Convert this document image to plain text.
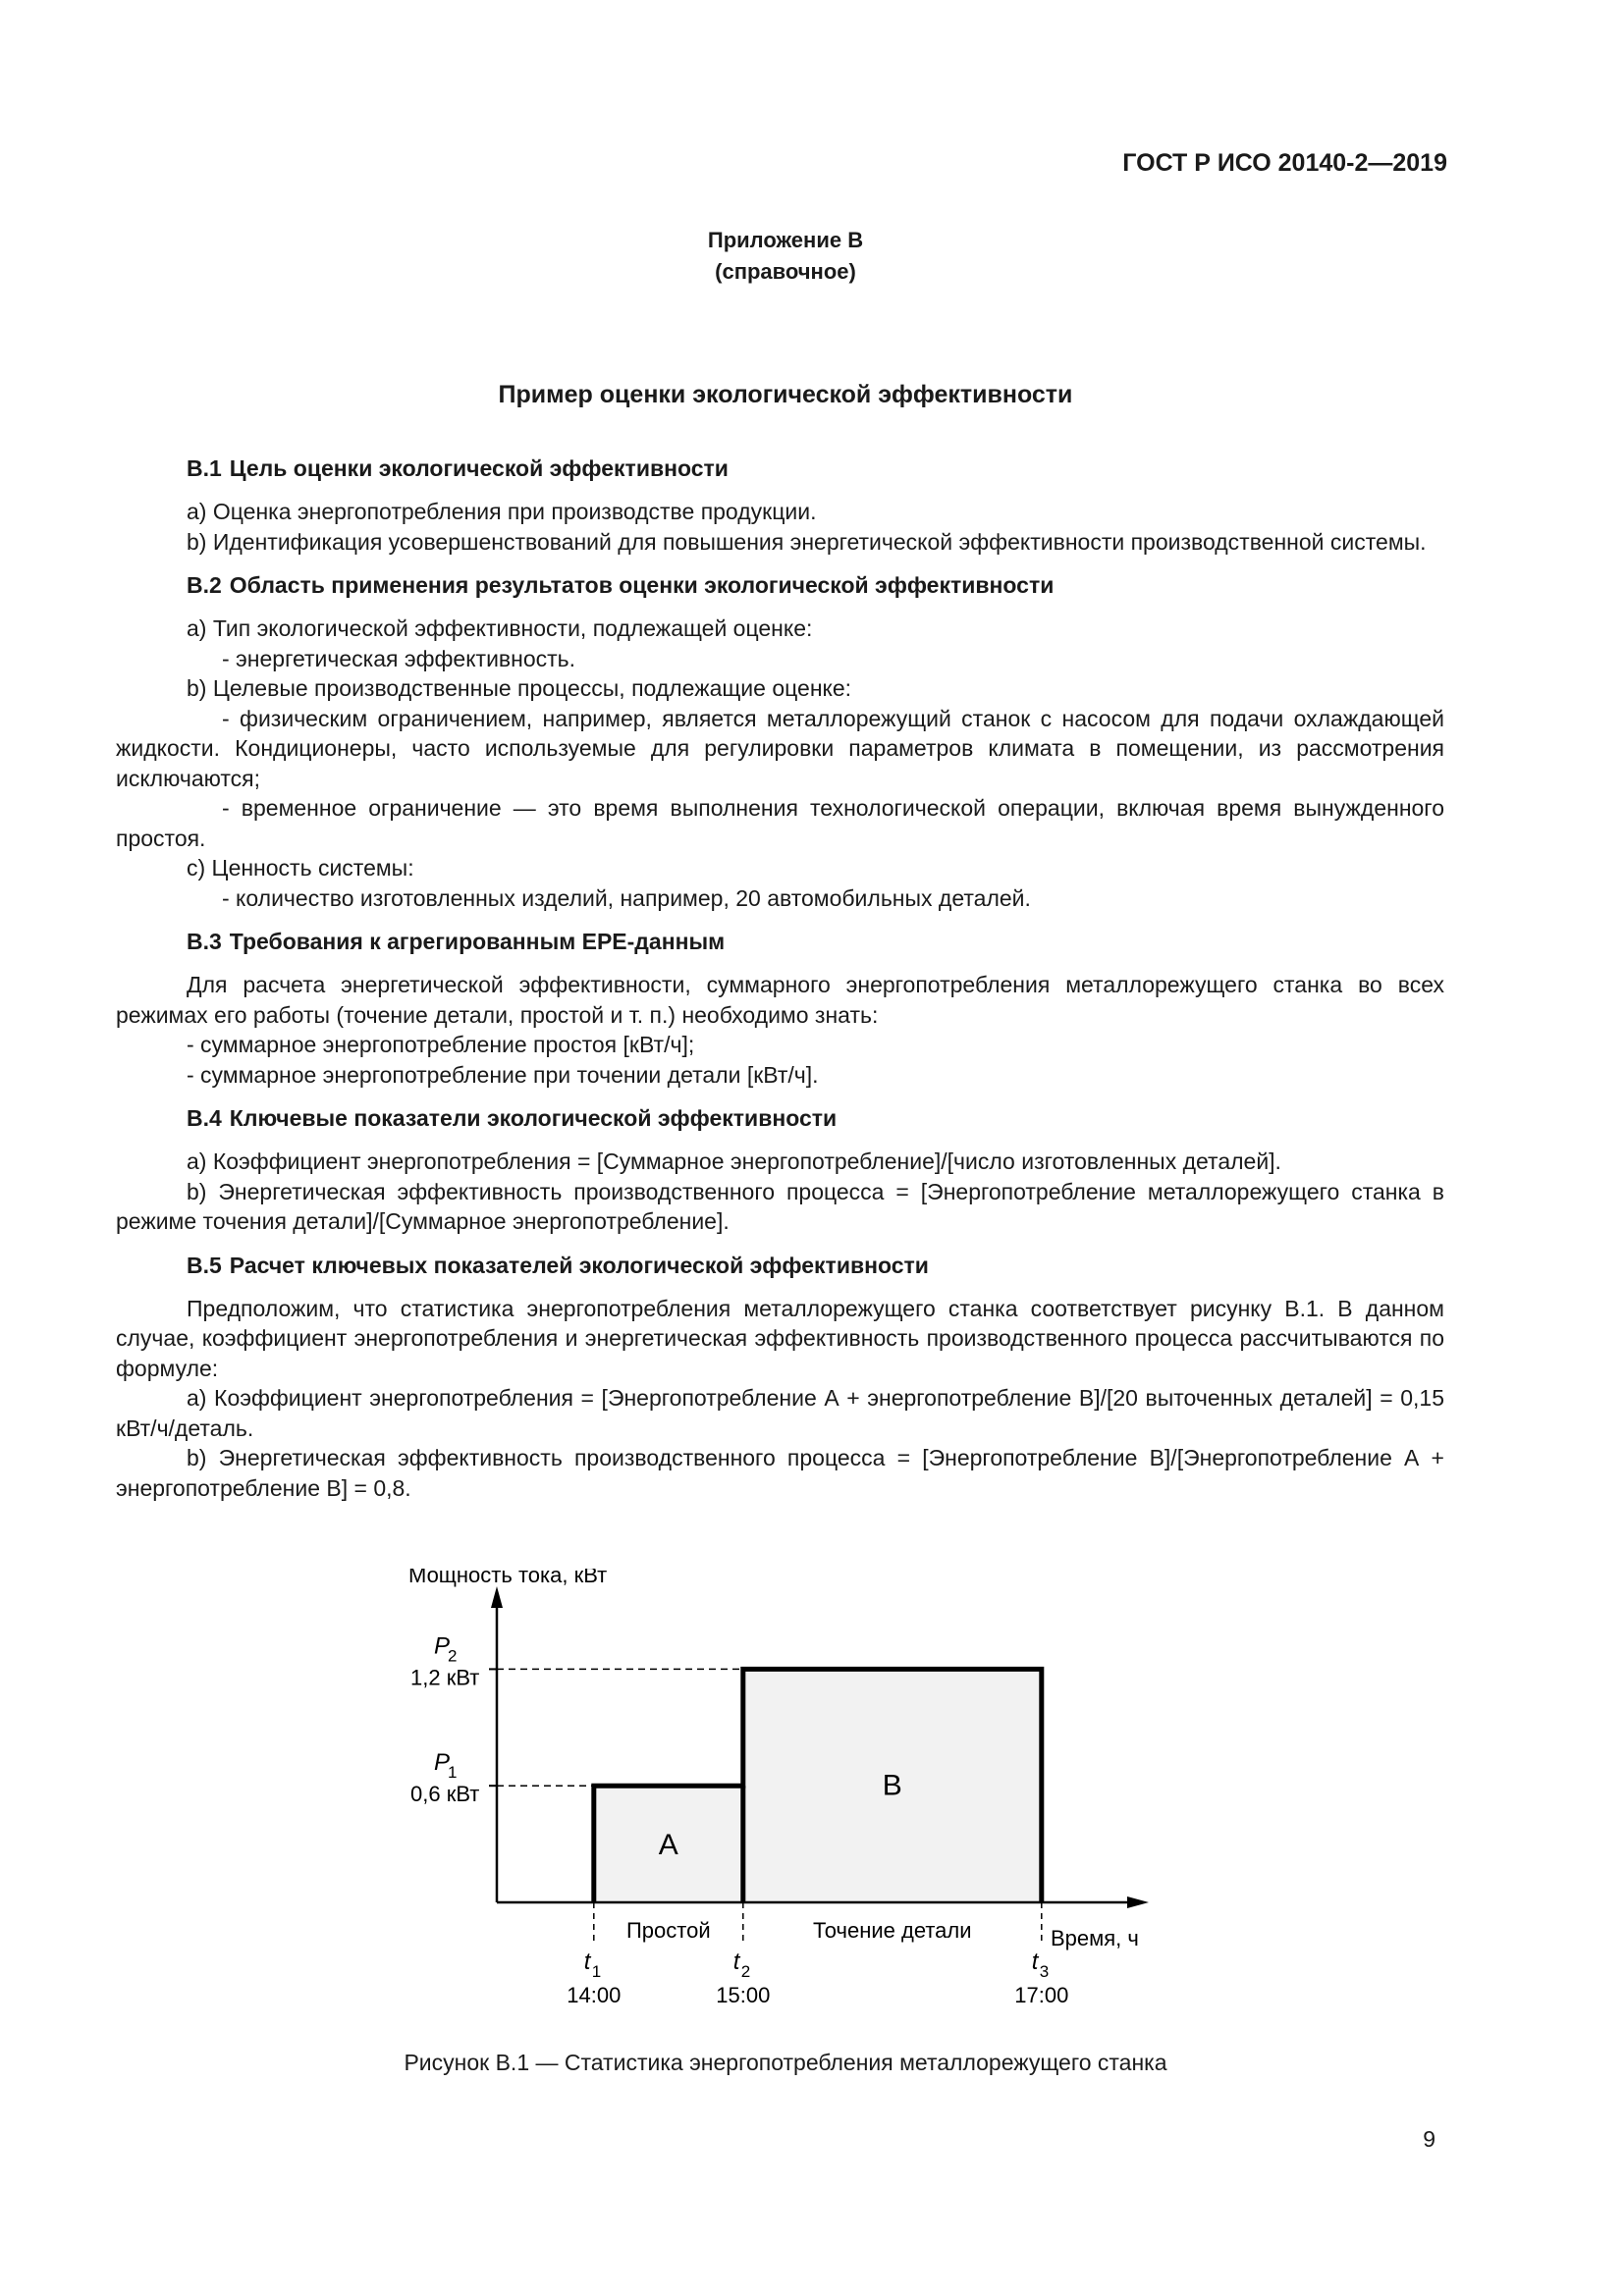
ГОСТ Р ИСО 20140-2—2019
Приложение В
(справочное)
Пример оценки экологической эффективности
В.1 Цель оценки экологической эффективности

a) Оценка энергопотребления при производстве продукции.

b) Идентификация усовершенствований для повышения энергетической эффективности производственной системы.

В.2 Область применения результатов оценки экологической эффективности

a) Тип экологической эффективности, подлежащей оценке:

- энергетическая эффективность.

b) Целевые производственные процессы, подлежащие оценке:

- физическим ограничением, например, является металлорежущий станок с насосом для подачи охлаждающей жидкости. Кондиционеры, часто используемые для регулировки параметров климата в помещении, из рассмотрения исключаются;

- временное ограничение — это время выполнения технологической операции, включая время вынужденного простоя.

c) Ценность системы:

- количество изготовленных изделий, например, 20 автомобильных деталей.

В.3 Требования к агрегированным EPE-данным

Для расчета энергетической эффективности, суммарного энергопотребления металлорежущего станка во всех режимах его работы (точение детали, простой и т. п.) необходимо знать:

- суммарное энергопотребление простоя [кВт/ч];

- суммарное энергопотребление при точении детали [кВт/ч].

В.4 Ключевые показатели экологической эффективности

a) Коэффициент энергопотребления = [Суммарное энергопотребление]/[число изготовленных деталей].

b) Энергетическая эффективность производственного процесса = [Энергопотребление металлорежущего станка в режиме точения детали]/[Суммарное энергопотребление].

В.5 Расчет ключевых показателей экологической эффективности

Предположим, что статистика энергопотребления металлорежущего станка соответствует рисунку В.1. В данном случае, коэффициент энергопотребления и энергетическая эффективность производственного процесса рассчитываются по формуле:

a) Коэффициент энергопотребления = [Энергопотребление А + энергопотребление В]/[20 выточенных деталей] = 0,15 кВт/ч/деталь.

b) Энергетическая эффективность производственного процесса = [Энергопотребление В]/[Энергопотребление А + энергопотребление В] = 0,8.

Мощность тока, кВт
Время, ч
P
1
0,6 кВт
P
2
1,2 кВт
t 1
14:00
t 2
15:00
t 3
17:00
A
Простой
B
Точение детали
Рисунок В.1 — Статистика энергопотребления металлорежущего станка
9
